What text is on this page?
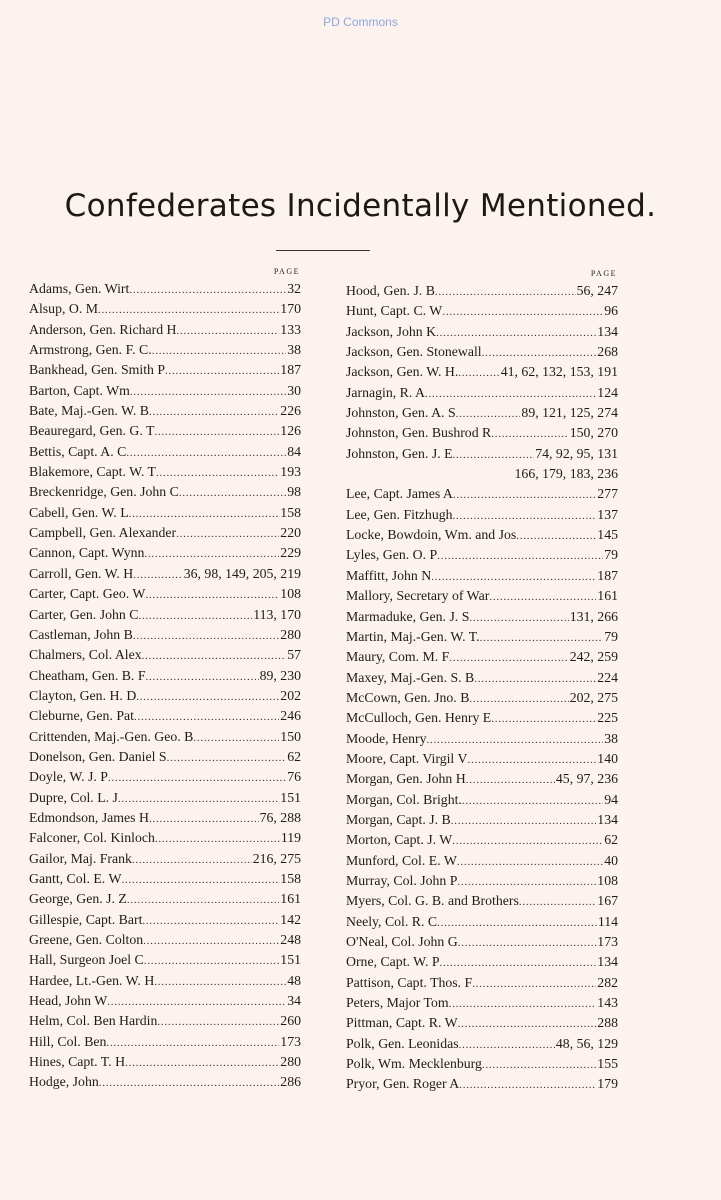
PD Commons
Confederates Incidentally Mentioned.
PAGE
Adams, Gen. Wirt . . .	32
Alsup, O. M . . .	170
Anderson, Gen. Richard H . . .	133
Armstrong, Gen. F. C. . . .	38
Bankhead, Gen. Smith P . . .	187
Barton, Capt. Wm . . .	30
Bate, Maj.-Gen. W. B . . .	226
Beauregard, Gen. G. T . . .	126
Bettis, Capt. A. C . . .	84
Blakemore, Capt. W. T . . .	193
Breckenridge, Gen. John C . . .	98
Cabell, Gen. W. L . . .	158
Campbell, Gen. Alexander . . .	220
Cannon, Capt. Wynn . . .	229
Carroll, Gen. W. H . . .	36, 98, 149, 205, 219
Carter, Capt. Geo. W . . .	108
Carter, Gen. John C . . .	113, 170
Castleman, John B . . .	280
Chalmers, Col. Alex . . .	57
Cheatham, Gen. B. F . . .	89, 230
Clayton, Gen. H. D . . .	202
Cleburne, Gen. Pat . . .	246
Crittenden, Maj.-Gen. Geo. B . . .	150
Donelson, Gen. Daniel S . . .	62
Doyle, W. J. P . . .	76
Dupre, Col. L. J . . .	151
Edmondson, James H . . .	76, 288
Falconer, Col. Kinloch . . .	119
Gailor, Maj. Frank . . .	216, 275
Gantt, Col. E. W . . .	158
George, Gen. J. Z . . .	161
Gillespie, Capt. Bart . . .	142
Greene, Gen. Colton . . .	248
Hall, Surgeon Joel C . . .	151
Hardee, Lt.-Gen. W. H . . .	48
Head, John W . . .	34
Helm, Col. Ben Hardin . . .	260
Hill, Col. Ben . . .	173
Hines, Capt. T. H . . .	280
Hodge, John . . .	286
PAGE
Hood, Gen. J. B . . .	56, 247
Hunt, Capt. C. W . . .	96
Jackson, John K . . .	134
Jackson, Gen. Stonewall . . .	268
Jackson, Gen. W. H. . . .	41, 62, 132, 153, 191
Jarnagin, R. A . . .	124
Johnston, Gen. A. S . . .	89, 121, 125, 274
Johnston, Gen. Bushrod R . . .	150, 270
Johnston, Gen. J. E . . .	74, 92, 95, 131
166, 179, 183, 236
Lee, Capt. James A . . .	277
Lee, Gen. Fitzhugh . . .	137
Locke, Bowdoin, Wm. and Jos . . .	145
Lyles, Gen. O. P . . .	79
Maffitt, John N . . .	187
Mallory, Secretary of War . . .	161
Marmaduke, Gen. J. S . . .	131, 266
Martin, Maj.-Gen. W. T. . . .	79
Maury, Com. M. F . . .	242, 259
Maxey, Maj.-Gen. S. B . . .	224
McCown, Gen. Jno. B . . .	202, 275
McCulloch, Gen. Henry E . . .	225
Moode, Henry . . .	38
Moore, Capt. Virgil V . . .	140
Morgan, Gen. John H . . .	45, 97, 236
Morgan, Col. Bright. . . .	94
Morgan, Capt. J. B . . .	134
Morton, Capt. J. W . . .	62
Munford, Col. E. W . . .	40
Murray, Col. John P . . .	108
Myers, Col. G. B. and Brothers . . .	167
Neely, Col. R. C . . .	114
O'Neal, Col. John G . . .	173
Orne, Capt. W. P . . .	134
Pattison, Capt. Thos. F . . .	282
Peters, Major Tom . . .	143
Pittman, Capt. R. W . . .	288
Polk, Gen. Leonidas . . .	48, 56, 129
Polk, Wm. Mecklenburg . . .	155
Pryor, Gen. Roger A . . .	179
